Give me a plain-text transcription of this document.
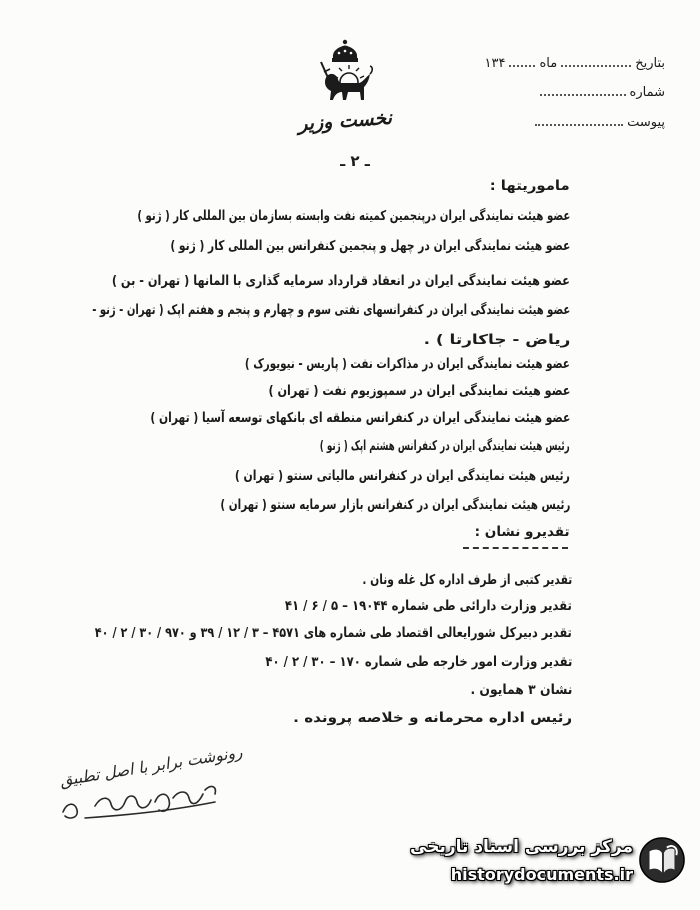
نخست وزیر
بتاریخ
ماه
۱۳۴
شماره
پیوست
ـ ۲ ـ
ماموریتها :
عضو هیئت نمایندگی ایران درپنجمین کمیته نفت وابسته بسازمان بین المللی کار ( ژنو )
عضو هیئت نمایندگی ایران در چهل و پنجمین کنفرانس بین المللی کار ( ژنو )
عضو هیئت نمایندگی ایران در انعقاد قرارداد سرمایه گذاری با المانها ( تهران - بن )
عضو هیئت نمایندگی ایران در کنفرانسهای نفتی سوم و چهارم و پنجم و هفتم اپک ( تهران - ژنو -
ریاض - جاکارتا ) .
عضو هیئت نمایندگی ایران در مذاکرات نفت ( پاریس - نیویورک )
عضو هیئت نمایندگی ایران در سمپوزیوم نفت ( تهران )
عضو هیئت نمایندگی ایران در کنفرانس منطقه ای بانکهای توسعه آسیا ( تهران )
رئیس هیئت نمایندگی ایران در کنفرانس هشتم اپک ( ژنو )
رئیس هیئت نمایندگی ایران در کنفرانس مالیاتی سنتو ( تهران )
رئیس هیئت نمایندگی ایران در کنفرانس بازار سرمایه سنتو ( تهران )
تقدیرو نشان :
تقدیر کتبی از طرف اداره کل غله ونان .
تقدیر وزارت دارائی طی شماره ۱۹۰۴۴ – ۵ / ۶ / ۴۱
تقدیر دبیرکل شورایعالی اقتصاد طی شماره های ۴۵۷۱ – ۳ / ۱۲ / ۳۹ و ۹۷۰ / ۳۰ / ۲ / ۴۰
تقدیر وزارت امور خارجه طی شماره ۱۷۰ – ۳۰ / ۲ / ۴۰
نشان ۳ همایون .
رئیس اداره محرمانه و خلاصه پرونده .
رونوشت برابر با اصل تطبیق
مرکز بررسی اسناد تاریخی
historydocuments.ir
